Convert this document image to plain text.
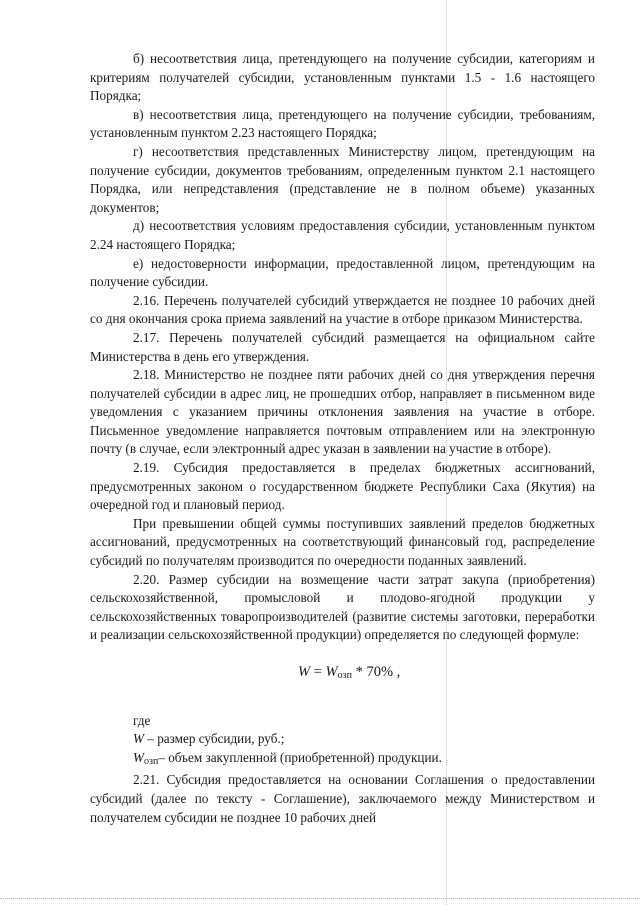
б) несоответствия лица, претендующего на получение субсидии, категориям и критериям получателей субсидии, установленным пунктами 1.5 - 1.6 настоящего Порядка;

в) несоответствия лица, претендующего на получение субсидии, требованиям, установленным пунктом 2.23 настоящего Порядка;

г) несоответствия представленных Министерству лицом, претендующим на получение субсидии, документов требованиям, определенным пунктом 2.1 настоящего Порядка, или непредставления (представление не в полном объеме) указанных документов;

д) несоответствия условиям предоставления субсидии, установленным пунктом 2.24 настоящего Порядка;

е) недостоверности информации, предоставленной лицом, претендующим на получение субсидии.

2.16. Перечень получателей субсидий утверждается не позднее 10 рабочих дней со дня окончания срока приема заявлений на участие в отборе приказом Министерства.

2.17. Перечень получателей субсидий размещается на официальном сайте Министерства в день его утверждения.

2.18. Министерство не позднее пяти рабочих дней со дня утверждения перечня получателей субсидии в адрес лиц, не прошедших отбор, направляет в письменном виде уведомления с указанием причины отклонения заявления на участие в отборе. Письменное уведомление направляется почтовым отправлением или на электронную почту (в случае, если электронный адрес указан в заявлении на участие в отборе).

2.19. Субсидия предоставляется в пределах бюджетных ассигнований, предусмотренных законом о государственном бюджете Республики Саха (Якутия) на очередной год и плановый период.

При превышении общей суммы поступивших заявлений пределов бюджетных ассигнований, предусмотренных на соответствующий финансовый год, распределение субсидий по получателям производится по очередности поданных заявлений.

2.20. Размер субсидии на возмещение части затрат закупа (приобретения) сельскохозяйственной, промысловой и плодово-ягодной продукции у сельскохозяйственных товаропроизводителей (развитие системы заготовки, переработки и реализации сельскохозяйственной продукции) определяется по следующей формуле:

$W = W_{озп} * 70\%$ ,

где

W – размер субсидии, руб.;

Wозп– объем закупленной (приобретенной) продукции.

2.21. Субсидия предоставляется на основании Соглашения о предоставлении субсидий (далее по тексту - Соглашение), заключаемого между Министерством и получателем субсидии не позднее 10 рабочих дней
